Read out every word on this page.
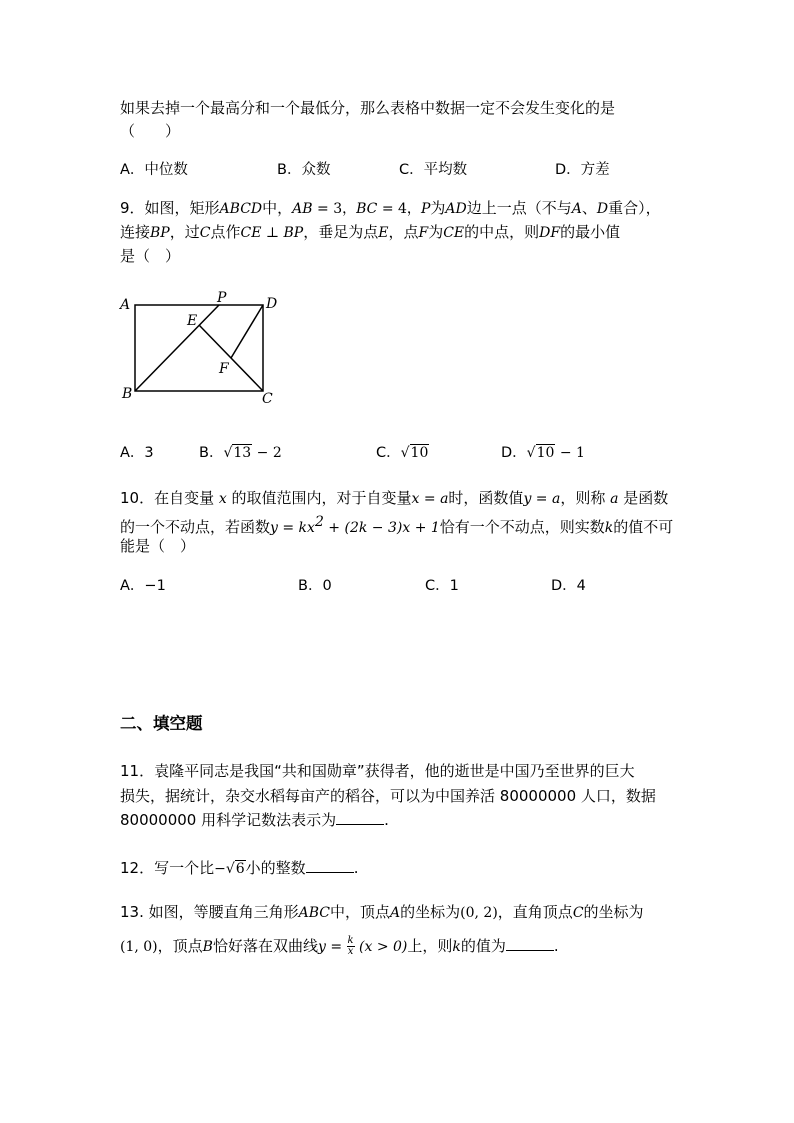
如果去掉一个最高分和一个最低分，那么表格中数据一定不会发生变化的是
（　　）
A．中位数	B．众数	C．平均数	D．方差
9．如图，矩形ABCD中，AB = 3，BC = 4，P为AD边上一点（不与A、D重合），
连接BP，过C点作CE ⊥ BP，垂足为点E，点F为CE的中点，则DF的最小值
是（　）
A	P	D
E
F
B	C
A．3	B．√13 − 2	C．√10	D．√10 − 1
10．在自变量 x 的取值范围内，对于自变量x = a时，函数值y = a，则称 a 是函数
的一个不动点，若函数$y = kx^2 + (2k - 3)x + 1$恰有一个不动点，则实数k的值不可
能是（　）
A．−1	B．0	C．1	D．4
二、填空题
11．袁隆平同志是我国“共和国勋章”获得者，他的逝世是中国乃至世界的巨大
损失，据统计，杂交水稻每亩产的稻谷，可以为中国养活 80000000 人口，数据
80000000 用科学记数法表示为	.
12．写一个比−√6小的整数	.
13. 如图，等腰直角三角形ABC中，顶点A的坐标为(0, 2)，直角顶点C的坐标为
(1, 0)，顶点B恰好落在双曲线$y = \frac{k}{x} (x > 0)$上，则k的值为	.
